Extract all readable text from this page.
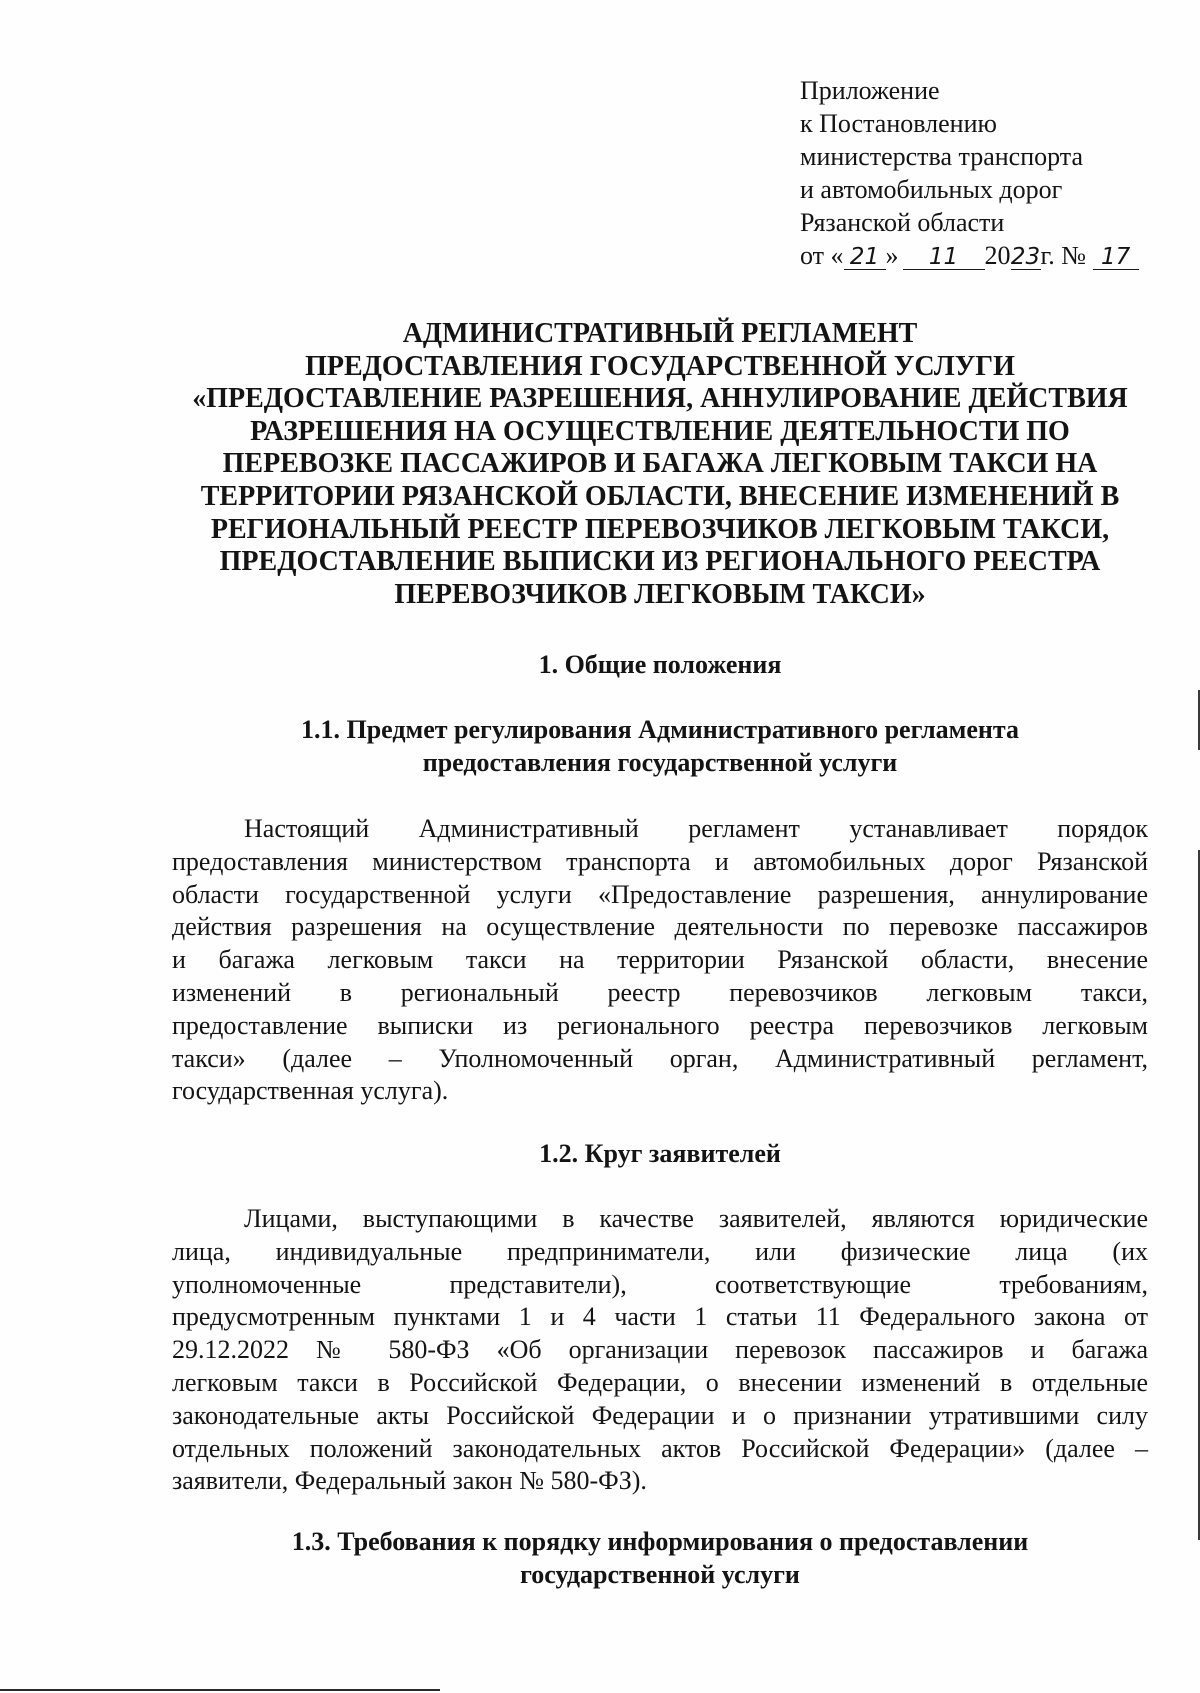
Приложение
к Постановлению
министерства транспорта
и автомобильных дорог
Рязанской области
от « 21 » 11 2023г. № 17
АДМИНИСТРАТИВНЫЙ РЕГЛАМЕНТ
ПРЕДОСТАВЛЕНИЯ ГОСУДАРСТВЕННОЙ УСЛУГИ
«ПРЕДОСТАВЛЕНИЕ РАЗРЕШЕНИЯ, АННУЛИРОВАНИЕ ДЕЙСТВИЯ
РАЗРЕШЕНИЯ НА ОСУЩЕСТВЛЕНИЕ ДЕЯТЕЛЬНОСТИ ПО
ПЕРЕВОЗКЕ ПАССАЖИРОВ И БАГАЖА ЛЕГКОВЫМ ТАКСИ НА
ТЕРРИТОРИИ РЯЗАНСКОЙ ОБЛАСТИ, ВНЕСЕНИЕ ИЗМЕНЕНИЙ В
РЕГИОНАЛЬНЫЙ РЕЕСТР ПЕРЕВОЗЧИКОВ ЛЕГКОВЫМ ТАКСИ,
ПРЕДОСТАВЛЕНИЕ ВЫПИСКИ ИЗ РЕГИОНАЛЬНОГО РЕЕСТРА
ПЕРЕВОЗЧИКОВ ЛЕГКОВЫМ ТАКСИ»
1. Общие положения
1.1. Предмет регулирования Административного регламента
предоставления государственной услуги
Настоящий Административный регламент устанавливает порядок
предоставления министерством транспорта и автомобильных дорог Рязанской
области государственной услуги «Предоставление разрешения, аннулирование
действия разрешения на осуществление деятельности по перевозке пассажиров
и багажа легковым такси на территории Рязанской области, внесение
изменений в региональный реестр перевозчиков легковым такси,
предоставление выписки из регионального реестра перевозчиков легковым
такси» (далее – Уполномоченный орган, Административный регламент,
государственная услуга).
1.2. Круг заявителей
Лицами, выступающими в качестве заявителей, являются юридические
лица, индивидуальные предприниматели, или физические лица (их
уполномоченные представители), соответствующие требованиям,
предусмотренным пунктами 1 и 4 части 1 статьи 11 Федерального закона от
29.12.2022 № 580-ФЗ «Об организации перевозок пассажиров и багажа
легковым такси в Российской Федерации, о внесении изменений в отдельные
законодательные акты Российской Федерации и о признании утратившими силу
отдельных положений законодательных актов Российской Федерации» (далее –
заявители, Федеральный закон № 580-ФЗ).
1.3. Требования к порядку информирования о предоставлении
государственной услуги
